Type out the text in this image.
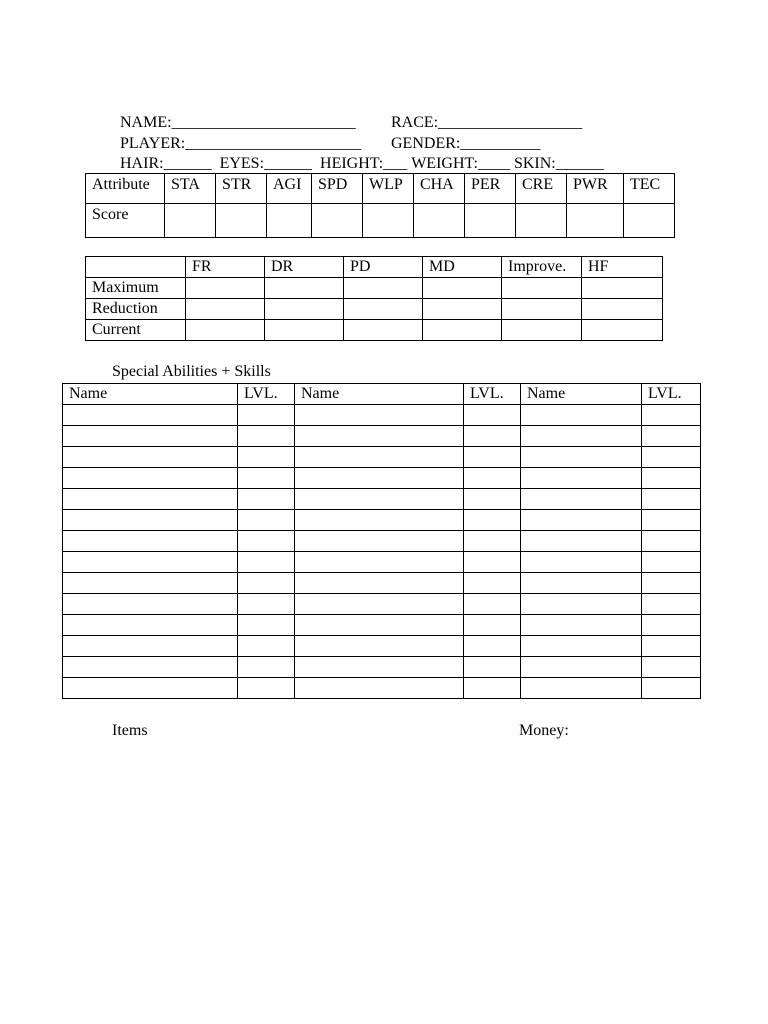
NAME:_______________________	RACE:__________________

PLAYER:______________________	GENDER:__________

HAIR:______ EYES:______ HEIGHT:___ WEIGHT:____ SKIN:______

Attribute	STA	STR	AGI	SPD	WLP	CHA	PER	CRE	PWR	TEC
Score										
	FR	DR	PD	MD	Improve.	HF
Maximum						
Reduction						
Current						
Special Abilities + Skills
Name	LVL.	Name	LVL.	Name	LVL.

Items	Money:
